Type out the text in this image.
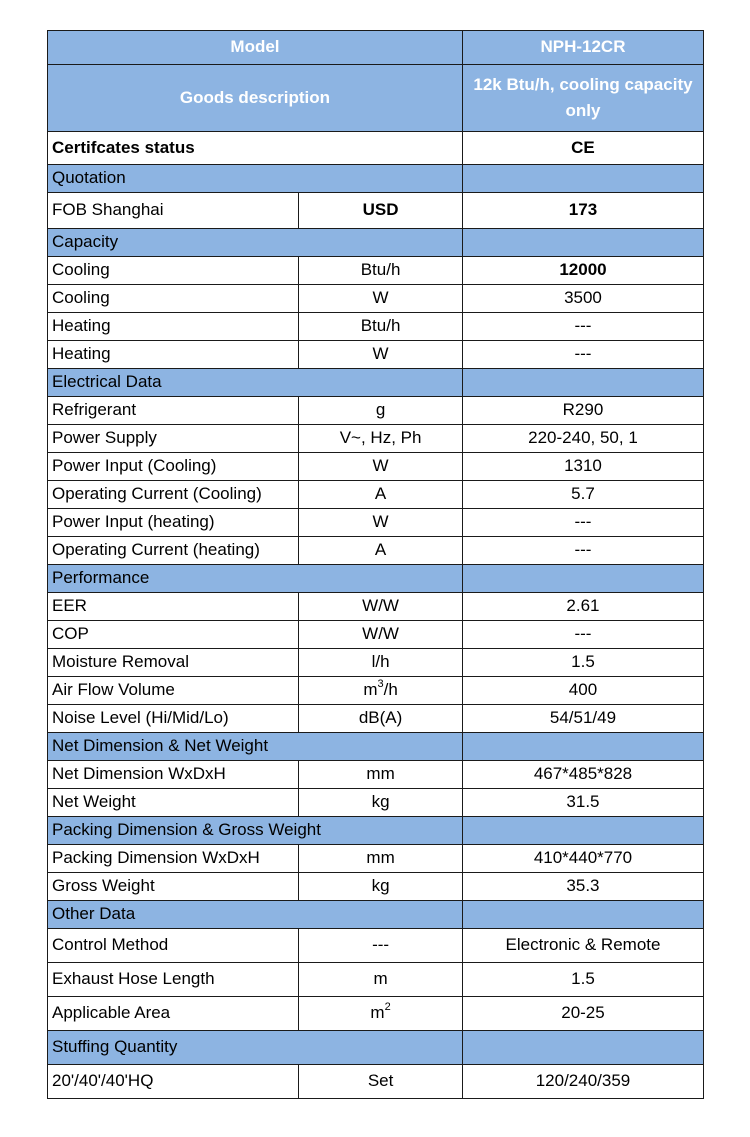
Model		NPH-12CR
Goods description		12k Btu/h, cooling capacity only
Certifcates status		CE
Quotation		
FOB Shanghai	USD	173
Capacity		
Cooling	Btu/h	12000
Cooling	W	3500
Heating	Btu/h	---
Heating	W	---
Electrical Data		
Refrigerant	g	R290
Power Supply	V~, Hz, Ph	220-240, 50, 1
Power Input (Cooling)	W	1310
Operating Current (Cooling)	A	5.7
Power Input (heating)	W	---
Operating Current (heating)	A	---
Performance		
EER	W/W	2.61
COP	W/W	---
Moisture Removal	l/h	1.5
Air Flow Volume	$m^3/h$	400
Noise Level (Hi/Mid/Lo)	dB(A)	54/51/49
Net Dimension & Net Weight		
Net Dimension WxDxH	mm	467*485*828
Net Weight	kg	31.5
Packing Dimension & Gross Weight		
Packing Dimension WxDxH	mm	410*440*770
Gross Weight	kg	35.3
Other Data		
Control Method	---	Electronic & Remote
Exhaust Hose Length	m	1.5
Applicable Area	$m^2$	20-25
Stuffing Quantity		
20'/40'/40'HQ	Set	120/240/359
